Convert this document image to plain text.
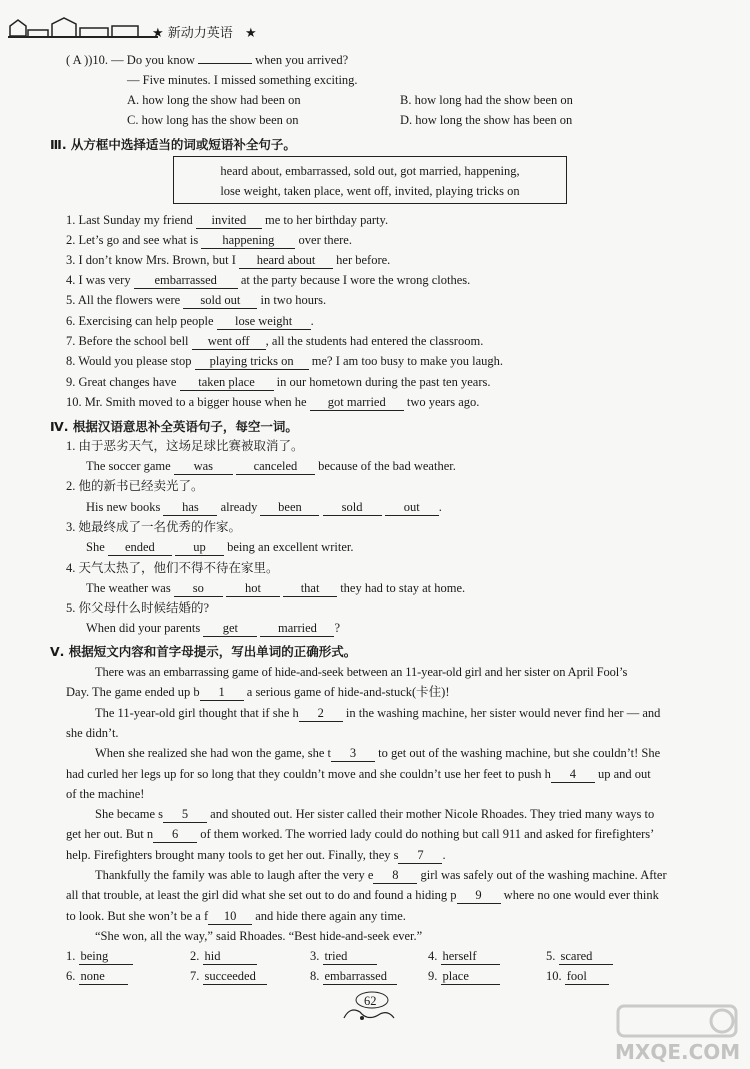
★ 新动力英语 ★
( A ))10. — Do you know	when you arrived?
— Five minutes. I missed something exciting.
A. how long the show had been on	B. how long had the show been on
C. how long has the show been on	D. how long the show has been on
Ⅲ. 从方框中选择适当的词或短语补全句子。
heard about, embarrassed, sold out, got married, happening,
lose weight, taken place, went off, invited, playing tricks on
1. Last Sunday my friend invited me to her birthday party.
2. Let’s go and see what is happening over there.
3. I don’t know Mrs. Brown, but I heard about her before.
4. I was very embarrassed at the party because I wore the wrong clothes.
5. All the flowers were sold out in two hours.
6. Exercising can help people lose weight .
7. Before the school bell went off , all the students had entered the classroom.
8. Would you please stop playing tricks on me? I am too busy to make you laugh.
9. Great changes have taken place in our hometown during the past ten years.
10. Mr. Smith moved to a bigger house when he got married two years ago.
Ⅳ. 根据汉语意思补全英语句子，每空一词。
1. 由于恶劣天气，这场足球比赛被取消了。
The soccer game was	canceled because of the bad weather.
2. 他的新书已经卖光了。
His new books has already been	sold	out .
3. 她最终成了一名优秀的作家。
She ended	up being an excellent writer.
4. 天气太热了，他们不得不待在家里。
The weather was so	hot	that they had to stay at home.
5. 你父母什么时候结婚的?
When did your parents get	married ?
Ⅴ. 根据短文内容和首字母提示，写出单词的正确形式。
There was an embarrassing game of hide-and-seek between an 11-year-old girl and her sister on April Fool’s
Day. The game ended up b 1 a serious game of hide-and-stuck(卡住)!
The 11-year-old girl thought that if she h 2 in the washing machine, her sister would never find her — and
she didn’t.
When she realized she had won the game, she t 3 to get out of the washing machine, but she couldn’t! She
had curled her legs up for so long that they couldn’t move and she couldn’t use her feet to push h 4 up and out
of the machine!
She became s 5 and shouted out. Her sister called their mother Nicole Rhoades. They tried many ways to
get her out. But n 6 of them worked. The worried lady could do nothing but call 911 and asked for firefighters’
help. Firefighters brought many tools to get her out. Finally, they s 7 .
Thankfully the family was able to laugh after the very e 8 girl was safely out of the washing machine. After
all that trouble, at least the girl did what she set out to do and found a hiding p 9 where no one would ever think
to look. But she won’t be a f 10 and hide there again any time.
“She won, all the way,” said Rhoades. “Best hide-and-seek ever.”
1. being	2. hid	3. tried	4. herself	5. scared
6. none	7. succeeded	8. embarrassed	9. place	10. fool
62
MXQE.COM
